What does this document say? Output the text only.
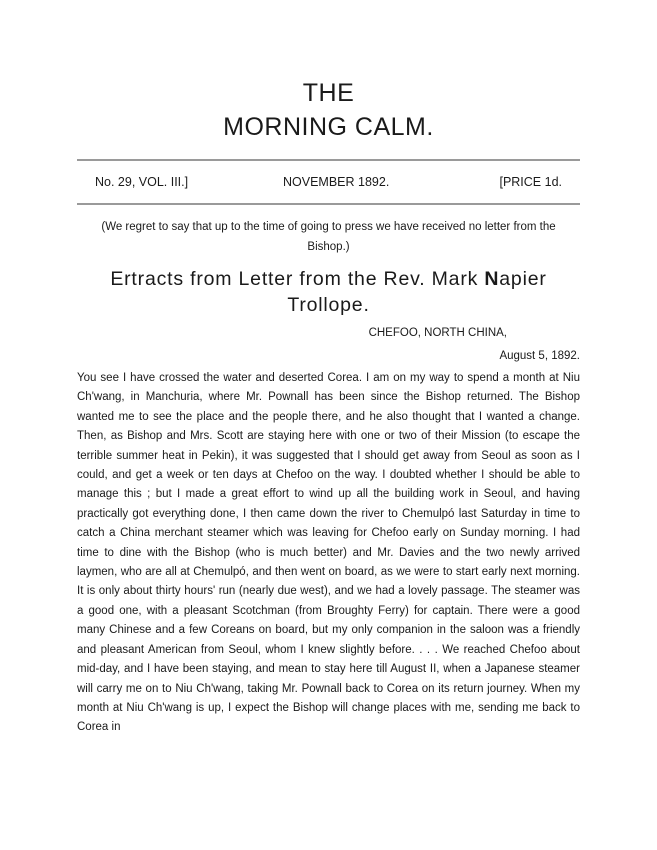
THE
MORNING CALM.
No. 29, VOL. III.]	NOVEMBER 1892.	[PRICE 1d.
(We regret to say that up to the time of going to press we have received no letter from the Bishop.)
Ertracts from Letter from the Rev. Mark Napier Trollope.
CHEFOO, NORTH CHINA,
August 5, 1892.
You see I have crossed the water and deserted Corea. I am on my way to spend a month at Niu Ch'wang, in Manchuria, where Mr. Pownall has been since the Bishop returned. The Bishop wanted me to see the place and the people there, and he also thought that I wanted a change. Then, as Bishop and Mrs. Scott are staying here with one or two of their Mission (to escape the terrible summer heat in Pekin), it was suggested that I should get away from Seoul as soon as I could, and get a week or ten days at Chefoo on the way. I doubted whether I should be able to manage this ; but I made a great effort to wind up all the building work in Seoul, and having practically got everything done, I then came down the river to Chemulpó last Saturday in time to catch a China merchant steamer which was leaving for Chefoo early on Sunday morning. I had time to dine with the Bishop (who is much better) and Mr. Davies and the two newly arrived laymen, who are all at Chemulpó, and then went on board, as we were to start early next morning. It is only about thirty hours' run (nearly due west), and we had a lovely passage. The steamer was a good one, with a pleasant Scotchman (from Broughty Ferry) for captain. There were a good many Chinese and a few Coreans on board, but my only companion in the saloon was a friendly and pleasant American from Seoul, whom I knew slightly before. . . . We reached Chefoo about mid-day, and I have been staying, and mean to stay here till August II, when a Japanese steamer will carry me on to Niu Ch'wang, taking Mr. Pownall back to Corea on its return journey. When my month at Niu Ch'wang is up, I expect the Bishop will change places with me, sending me back to Corea in
